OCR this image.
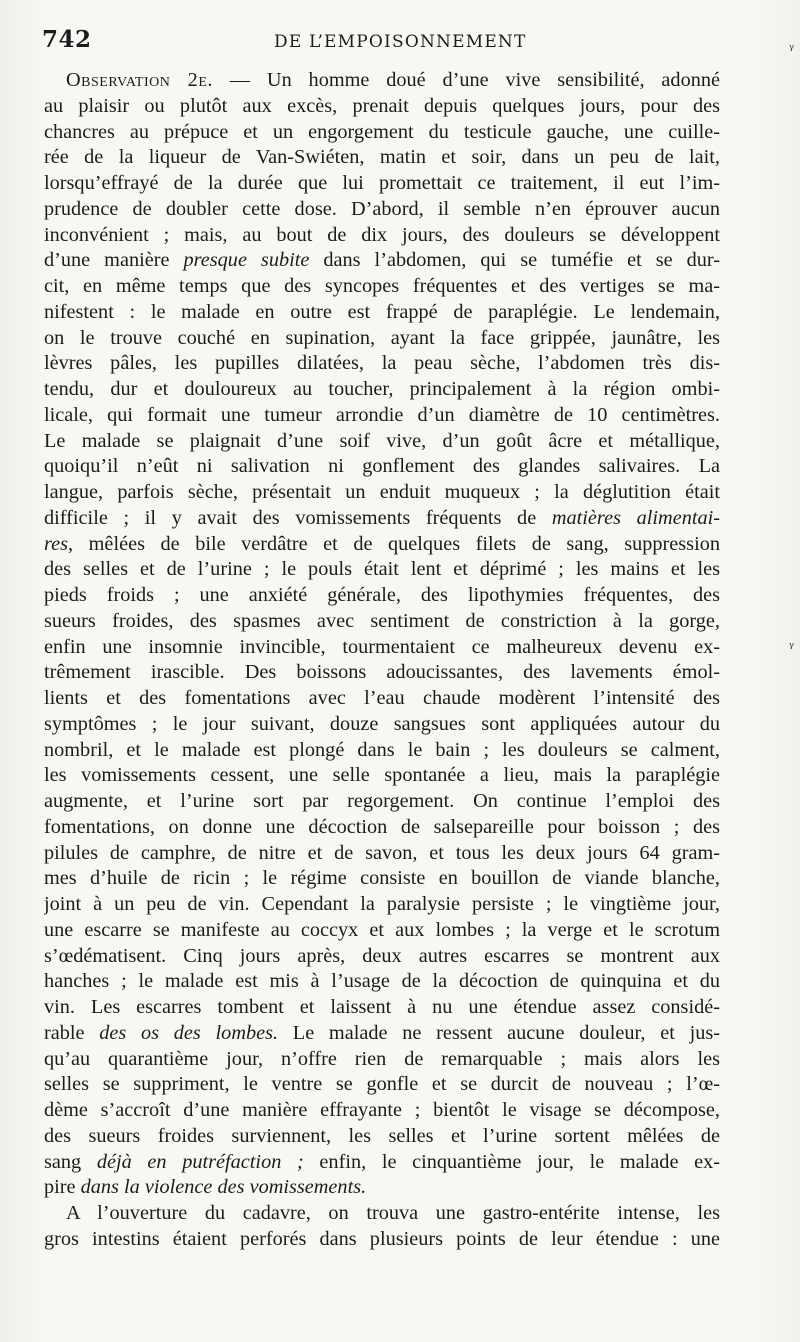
742	DE L’EMPOISONNEMENT
Observation 2e. — Un homme doué d’une vive sensibilité, adonné
au plaisir ou plutôt aux excès, prenait depuis quelques jours, pour des
chancres au prépuce et un engorgement du testicule gauche, une cuille-
rée de la liqueur de Van-Swiéten, matin et soir, dans un peu de lait,
lorsqu’effrayé de la durée que lui promettait ce traitement, il eut l’im-
prudence de doubler cette dose. D’abord, il semble n’en éprouver aucun
inconvénient ; mais, au bout de dix jours, des douleurs se développent
d’une manière presque subite dans l’abdomen, qui se tuméfie et se dur-
cit, en même temps que des syncopes fréquentes et des vertiges se ma-
nifestent : le malade en outre est frappé de paraplégie. Le lendemain,
on le trouve couché en supination, ayant la face grippée, jaunâtre, les
lèvres pâles, les pupilles dilatées, la peau sèche, l’abdomen très dis-
tendu, dur et douloureux au toucher, principalement à la région ombi-
licale, qui formait une tumeur arrondie d’un diamètre de 10 centimètres.
Le malade se plaignait d’une soif vive, d’un goût âcre et métallique,
quoiqu’il n’eût ni salivation ni gonflement des glandes salivaires. La
langue, parfois sèche, présentait un enduit muqueux ; la déglutition était
difficile ; il y avait des vomissements fréquents de matières alimentai-
res, mêlées de bile verdâtre et de quelques filets de sang, suppression
des selles et de l’urine ; le pouls était lent et déprimé ; les mains et les
pieds froids ; une anxiété générale, des lipothymies fréquentes, des
sueurs froides, des spasmes avec sentiment de constriction à la gorge,
enfin une insomnie invincible, tourmentaient ce malheureux devenu ex-
trêmement irascible. Des boissons adoucissantes, des lavements émol-
lients et des fomentations avec l’eau chaude modèrent l’intensité des
symptômes ; le jour suivant, douze sangsues sont appliquées autour du
nombril, et le malade est plongé dans le bain ; les douleurs se calment,
les vomissements cessent, une selle spontanée a lieu, mais la paraplégie
augmente, et l’urine sort par regorgement. On continue l’emploi des
fomentations, on donne une décoction de salsepareille pour boisson ; des
pilules de camphre, de nitre et de savon, et tous les deux jours 64 gram-
mes d’huile de ricin ; le régime consiste en bouillon de viande blanche,
joint à un peu de vin. Cependant la paralysie persiste ; le vingtième jour,
une escarre se manifeste au coccyx et aux lombes ; la verge et le scrotum
s’œdématisent. Cinq jours après, deux autres escarres se montrent aux
hanches ; le malade est mis à l’usage de la décoction de quinquina et du
vin. Les escarres tombent et laissent à nu une étendue assez considé-
rable des os des lombes. Le malade ne ressent aucune douleur, et jus-
qu’au quarantième jour, n’offre rien de remarquable ; mais alors les
selles se suppriment, le ventre se gonfle et se durcit de nouveau ; l’œ-
dème s’accroît d’une manière effrayante ; bientôt le visage se décompose,
des sueurs froides surviennent, les selles et l’urine sortent mêlées de
sang déjà en putréfaction ; enfin, le cinquantième jour, le malade ex-
pire dans la violence des vomissements.
A l’ouverture du cadavre, on trouva une gastro-entérite intense, les
gros intestins étaient perforés dans plusieurs points de leur étendue : une
ᵞ
ᵞ
